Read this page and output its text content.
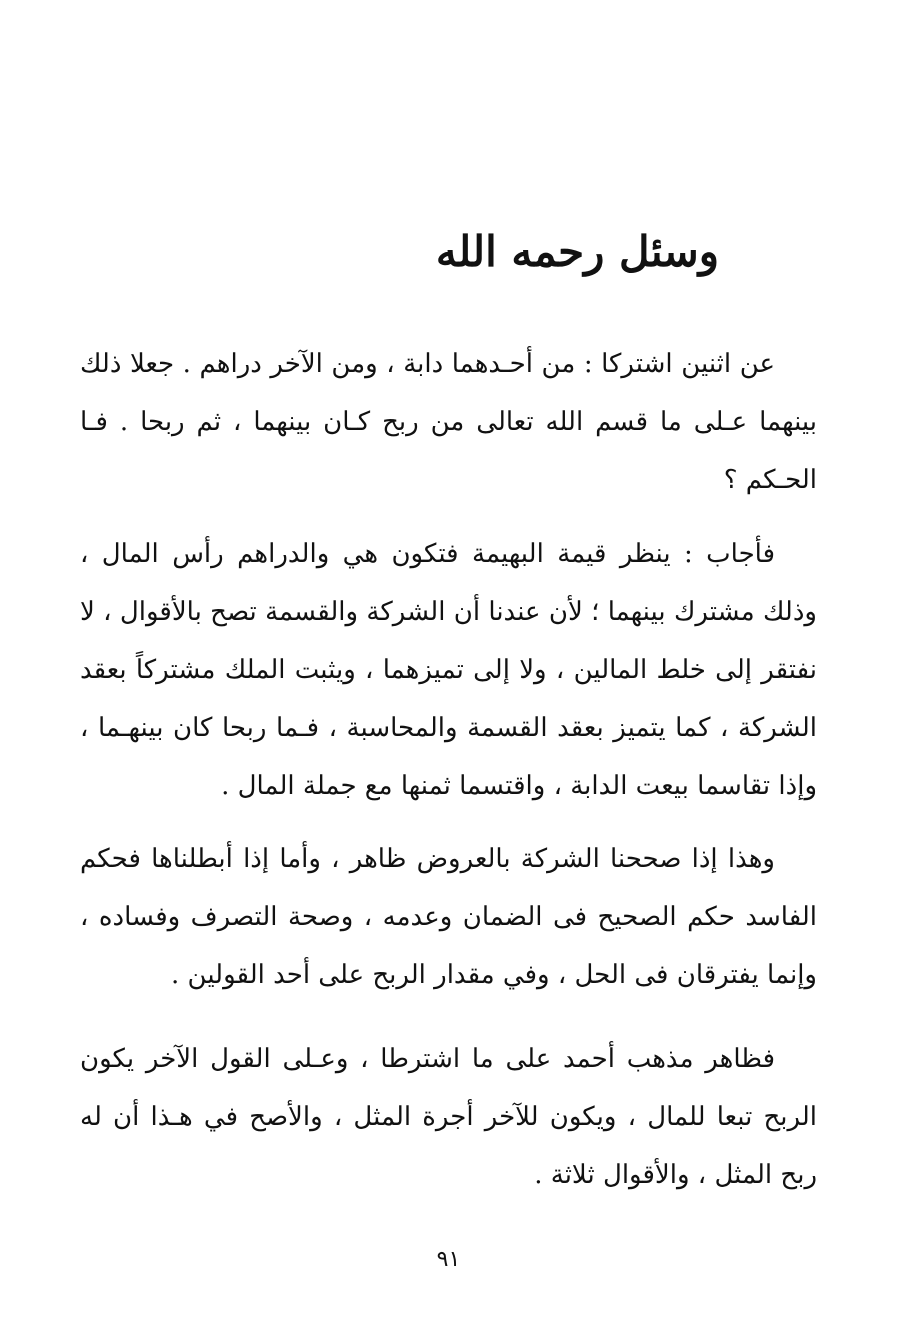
وسئل رحمه الله

عن اثنين اشتركا : من أحـدهما دابة ، ومن الآخر دراهم . جعلا ذلك بينهما عـلى ما قسم الله تعالى من ربح كـان بينهما ، ثم ربحا . فـا الحـكم ؟

فأجاب : ينظر قيمة البهيمة فتكون هي والدراهم رأس المال ، وذلك مشترك بينهما ؛ لأن عندنا أن الشركة والقسمة تصح بالأقوال ، لا نفتقر إلى خلط المالين ، ولا إلى تميزهما ، ويثبت الملك مشتركاً بعقد الشركة ، كما يتميز بعقد القسمة والمحاسبة ، فـما ربحا كان بينهـما ، وإذا تقاسما بيعت الدابة ، واقتسما ثمنها مع جملة المال .

وهذا إذا صححنا الشركة بالعروض ظاهر ، وأما إذا أبطلناها فحكم الفاسد حكم الصحيح فى الضمان وعدمه ، وصحة التصرف وفساده ، وإنما يفترقان فى الحل ، وفي مقدار الربح على أحد القولين .

فظاهر مذهب أحمد على ما اشترطا ، وعـلى القول الآخر يكون الربح تبعا للمال ، ويكون للآخر أجرة المثل ، والأصح في هـذا أن له ربح المثل ، والأقوال ثلاثة .

٩١
